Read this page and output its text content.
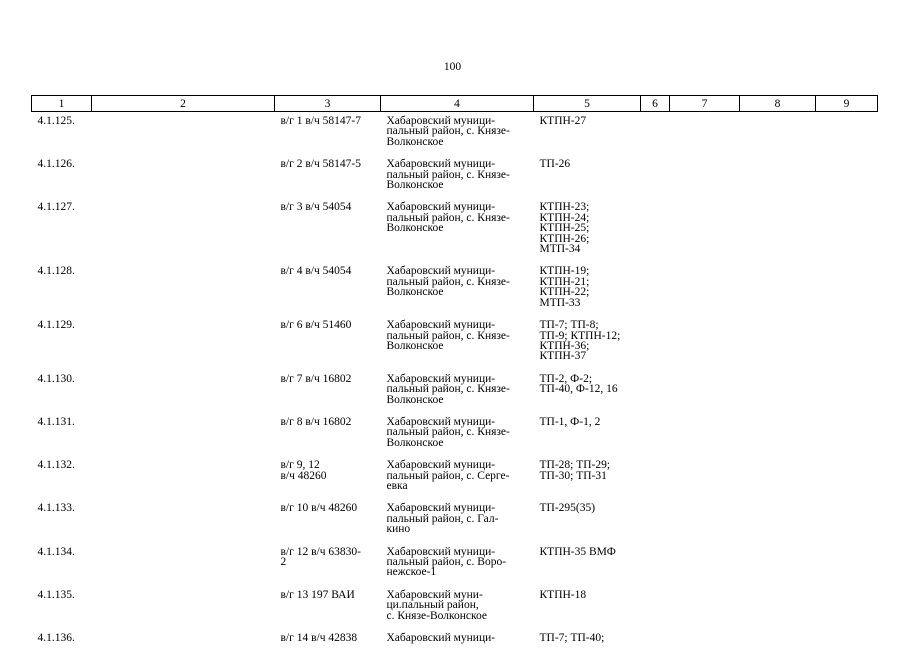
100
1	2	3	4	5	6	7	8	9
4.1.125.		в/г 1 в/ч 58147-7	Хабаровский муници-
пальный район, с. Князе-
Волконское	КТПН-27				
4.1.126.		в/г 2 в/ч 58147-5	Хабаровский муници-
пальный район, с. Князе-
Волконское	ТП-26				
4.1.127.		в/г 3 в/ч 54054	Хабаровский муници-
пальный район, с. Князе-
Волконское	КТПН-23;
КТПН-24;
КТПН-25;
КТПН-26;
МТП-34				
4.1.128.		в/г 4 в/ч 54054	Хабаровский муници-
пальный район, с. Князе-
Волконское	КТПН-19;
КТПН-21;
КТПН-22;
МТП-33				
4.1.129.		в/г 6 в/ч 51460	Хабаровский муници-
пальный район, с. Князе-
Волконское	ТП-7; ТП-8;
ТП-9; КТПН-12;
КТПН-36;
КТПН-37				
4.1.130.		в/г 7 в/ч 16802	Хабаровский муници-
пальный район, с. Князе-
Волконское	ТП-2, Ф-2;
ТП-40, Ф-12, 16				
4.1.131.		в/г 8 в/ч 16802	Хабаровский муници-
пальный район, с. Князе-
Волконское	ТП-1, Ф-1, 2				
4.1.132.		в/г 9, 12
в/ч 48260	Хабаровский муници-
пальный район, с. Серге-
евка	ТП-28; ТП-29;
ТП-30; ТП-31				
4.1.133.		в/г 10 в/ч 48260	Хабаровский муници-
пальный район, с. Гал-
кино	ТП-295(35)				
4.1.134.		в/г 12 в/ч 63830-
2	Хабаровский муници-
пальный район, с. Воро-
нежское-1	КТПН-35 ВМФ				
4.1.135.		в/г 13 197 ВАИ	Хабаровский муни-
ци.пальный район,
с. Князе-Волконское	КТПН-18				
4.1.136.		в/г 14 в/ч 42838	Хабаровский муници-	ТП-7; ТП-40;				
